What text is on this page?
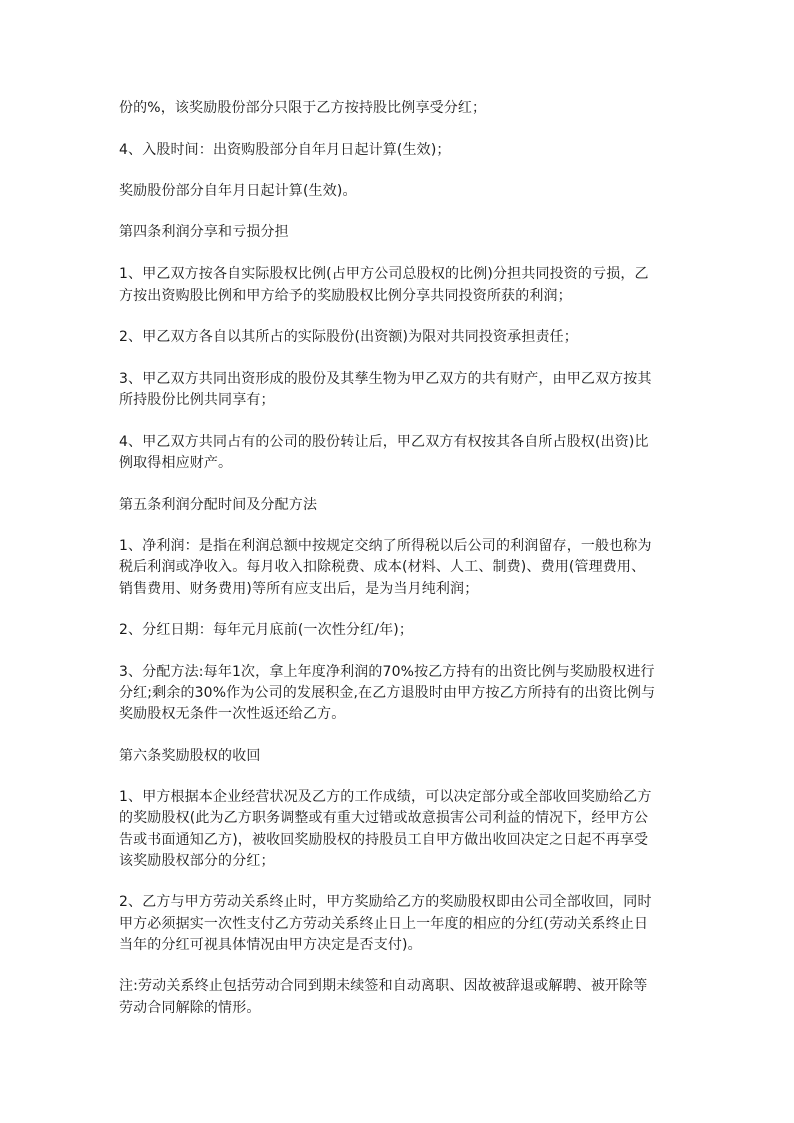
份的%，该奖励股份部分只限于乙方按持股比例享受分红；
4、入股时间：出资购股部分自年月日起计算(生效)；
奖励股份部分自年月日起计算(生效)。
第四条利润分享和亏损分担
1、甲乙双方按各自实际股权比例(占甲方公司总股权的比例)分担共同投资的亏损，乙
方按出资购股比例和甲方给予的奖励股权比例分享共同投资所获的利润；
2、甲乙双方各自以其所占的实际股份(出资额)为限对共同投资承担责任；
3、甲乙双方共同出资形成的股份及其孳生物为甲乙双方的共有财产，由甲乙双方按其
所持股份比例共同享有；
4、甲乙双方共同占有的公司的股份转让后，甲乙双方有权按其各自所占股权(出资)比
例取得相应财产。
第五条利润分配时间及分配方法
1、净利润：是指在利润总额中按规定交纳了所得税以后公司的利润留存，一般也称为
税后利润或净收入。每月收入扣除税费、成本(材料、人工、制费)、费用(管理费用、
销售费用、财务费用)等所有应支出后，是为当月纯利润；
2、分红日期：每年元月底前(一次性分红/年)；
3、分配方法:每年1次，拿上年度净利润的70%按乙方持有的出资比例与奖励股权进行
分红;剩余的30%作为公司的发展积金,在乙方退股时由甲方按乙方所持有的出资比例与
奖励股权无条件一次性返还给乙方。
第六条奖励股权的收回
1、甲方根据本企业经营状况及乙方的工作成绩，可以决定部分或全部收回奖励给乙方
的奖励股权(此为乙方职务调整或有重大过错或故意损害公司利益的情况下，经甲方公
告或书面通知乙方)，被收回奖励股权的持股员工自甲方做出收回决定之日起不再享受
该奖励股权部分的分红；
2、乙方与甲方劳动关系终止时，甲方奖励给乙方的奖励股权即由公司全部收回，同时
甲方必须据实一次性支付乙方劳动关系终止日上一年度的相应的分红(劳动关系终止日
当年的分红可视具体情况由甲方决定是否支付)。
注:劳动关系终止包括劳动合同到期未续签和自动离职、因故被辞退或解聘、被开除等
劳动合同解除的情形。
